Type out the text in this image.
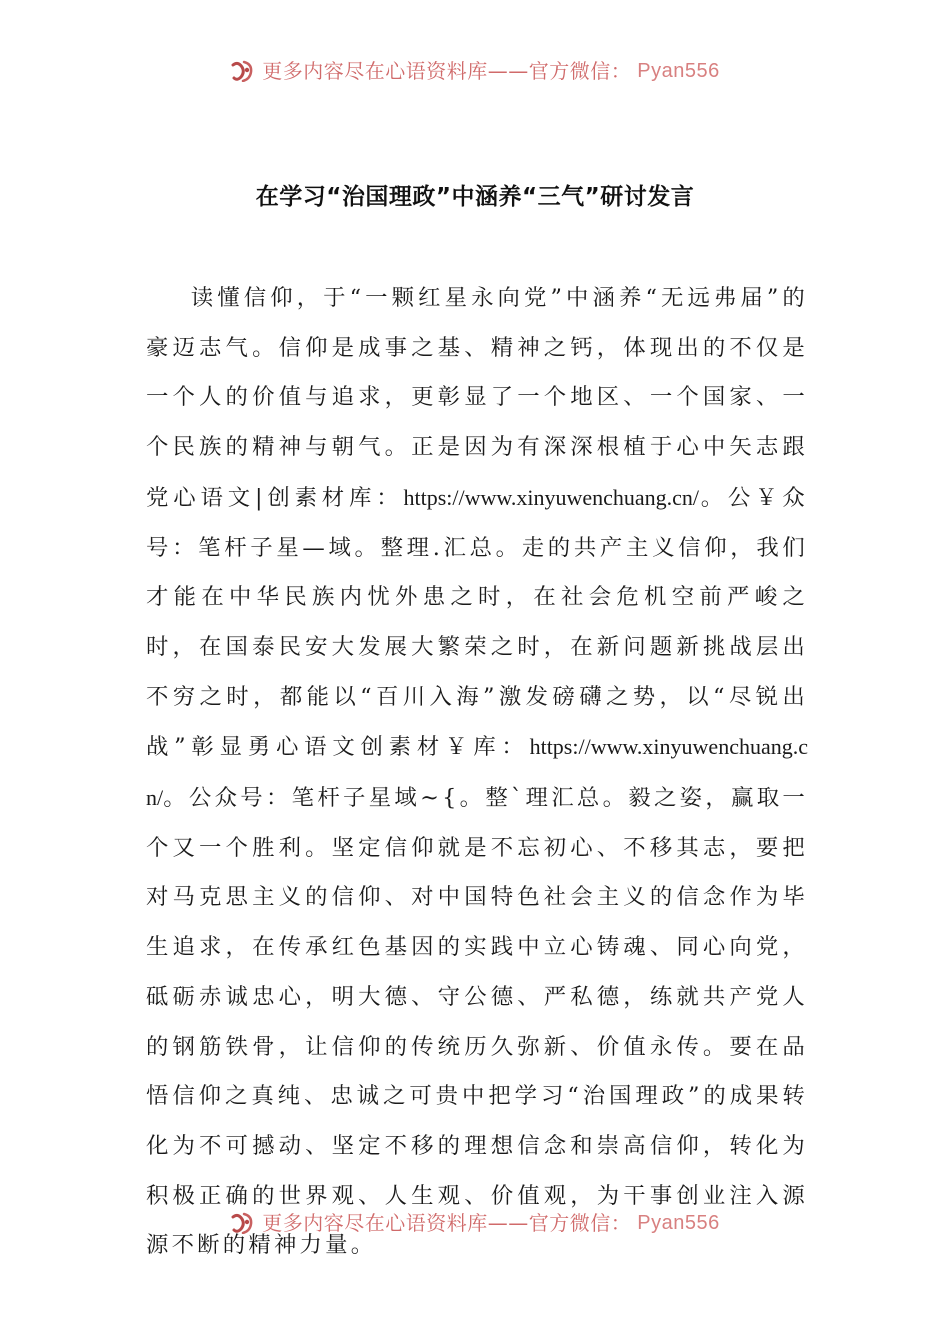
更多内容尽在心语资料库——官方微信： Pyan556
在学习“治国理政”中涵养“三气”研讨发言

读懂信仰，于“一颗红星永向党”中涵养“无远弗届”的豪迈志气。信仰是成事之基、精神之钙，体现出的不仅是一个人的价值与追求，更彰显了一个地区、一个国家、一个民族的精神与朝气。正是因为有深深根植于心中矢志跟党心语文|创素材库：https://www.xinyuwenchuang.cn/。公￥众号：笔杆子星—域。整理.汇总。走的共产主义信仰，我们才能在中华民族内忧外患之时，在社会危机空前严峻之时，在国泰民安大发展大繁荣之时，在新问题新挑战层出不穷之时，都能以“百川入海”激发磅礴之势，以“尽锐出战”彰显勇心语文创素材￥库：https://www.xinyuwenchuang.cn/。公众号：笔杆子星域~{。整`理汇总。毅之姿，赢取一个又一个胜利。坚定信仰就是不忘初心、不移其志，要把对马克思主义的信仰、对中国特色社会主义的信念作为毕生追求，在传承红色基因的实践中立心铸魂、同心向党，砥砺赤诚忠心，明大德、守公德、严私德，练就共产党人的钢筋铁骨，让信仰的传统历久弥新、价值永传。要在品悟信仰之真纯、忠诚之可贵中把学习“治国理政”的成果转化为不可撼动、坚定不移的理想信念和崇高信仰，转化为积极正确的世界观、人生观、价值观，为干事创业注入源源不断的精神力量。

更多内容尽在心语资料库——官方微信： Pyan556
